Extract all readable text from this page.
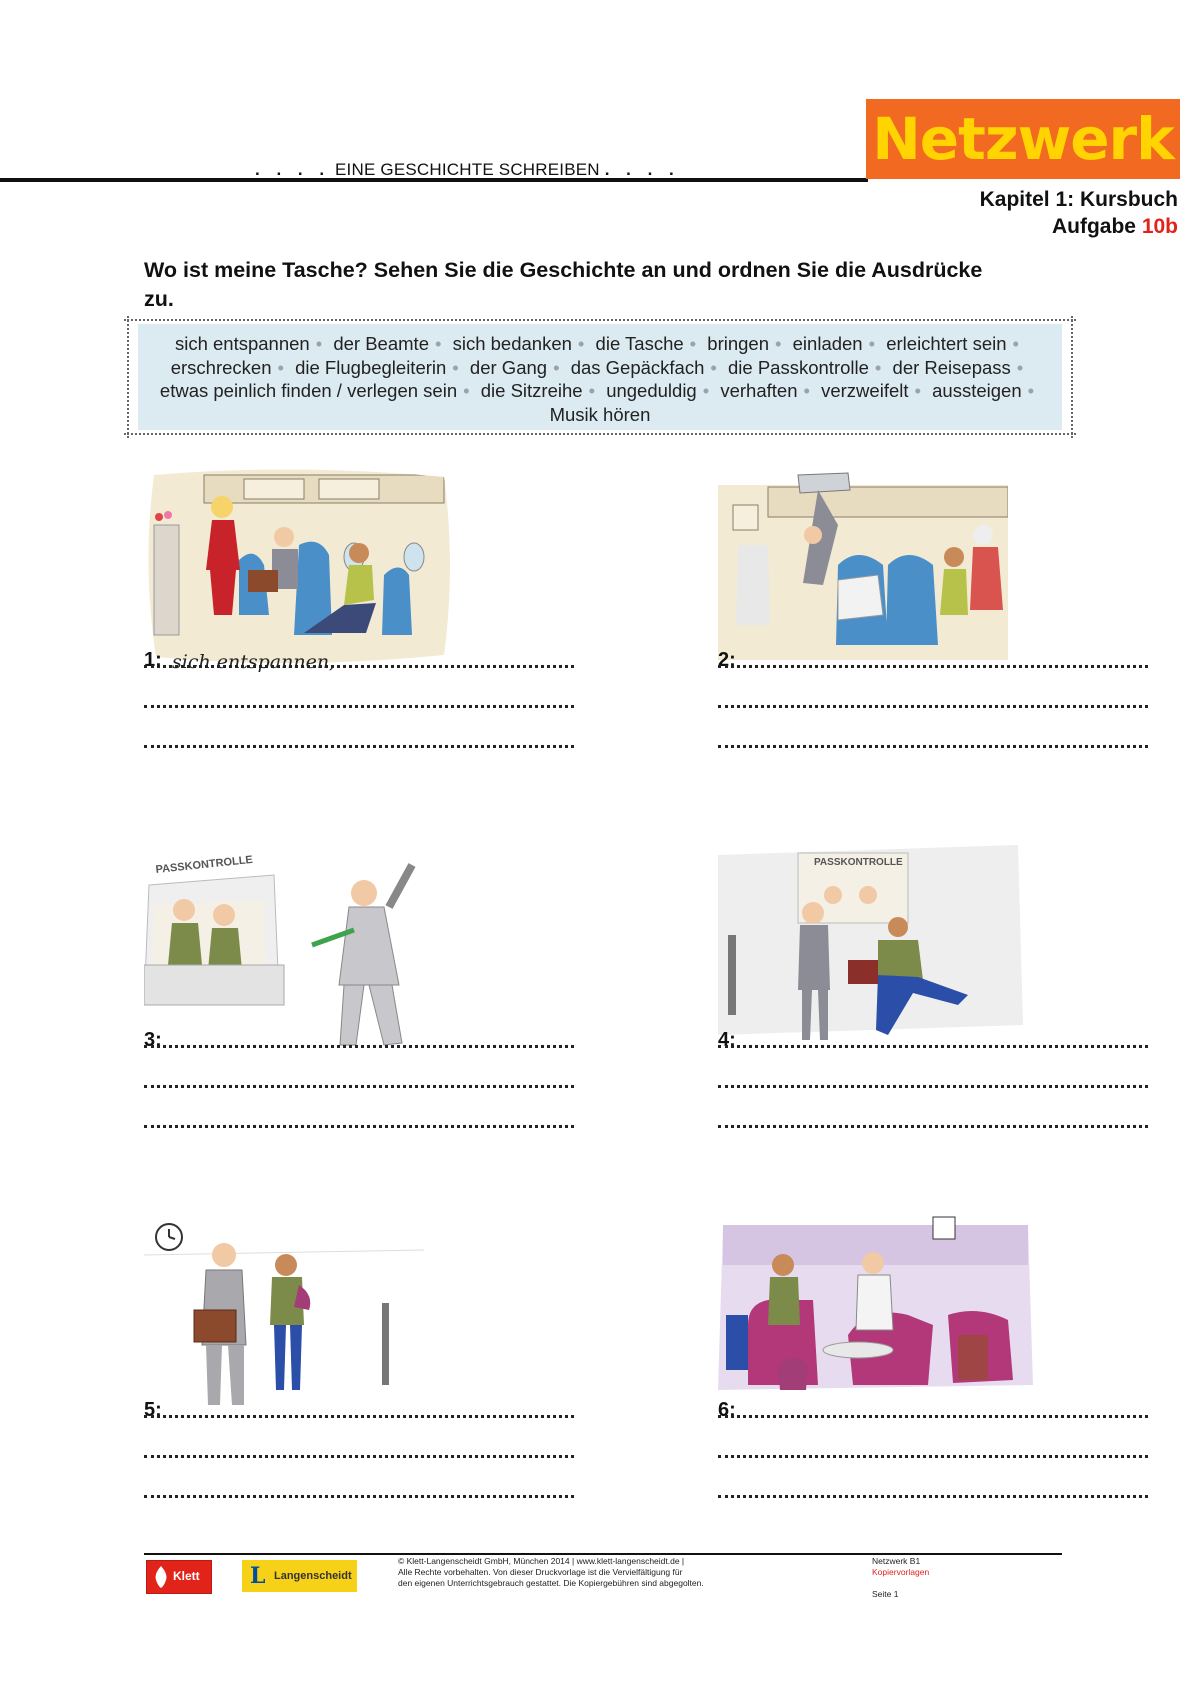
. . . . EINE GESCHICHTE SCHREIBEN . . . .	Netzwerk
Kapitel 1: Kursbuch
Aufgabe 10b
Wo ist meine Tasche? Sehen Sie die Geschichte an und ordnen Sie die Ausdrücke zu.
sich entspannen • der Beamte • sich bedanken • die Tasche • bringen • einladen • erleichtert sein • erschrecken • die Flugbegleiterin • der Gang • das Gepäckfach • die Passkontrolle • der Reisepass • etwas peinlich finden / verlegen sein • die Sitzreihe • ungeduldig • verhaften • verzweifelt • aussteigen • Musik hören
1: sich entspannen,	2:
PASSKONTROLLE
3:
PASSKONTROLLE
4:
5:	6:
Klett L Langenscheidt
© Klett-Langenscheidt GmbH, München 2014 | www.klett-langenscheidt.de |
Alle Rechte vorbehalten. Von dieser Druckvorlage ist die Vervielfältigung für
den eigenen Unterrichtsgebrauch gestattet. Die Kopiergebühren sind abgegolten.
Netzwerk B1
Kopiervorlagen
Seite 1
